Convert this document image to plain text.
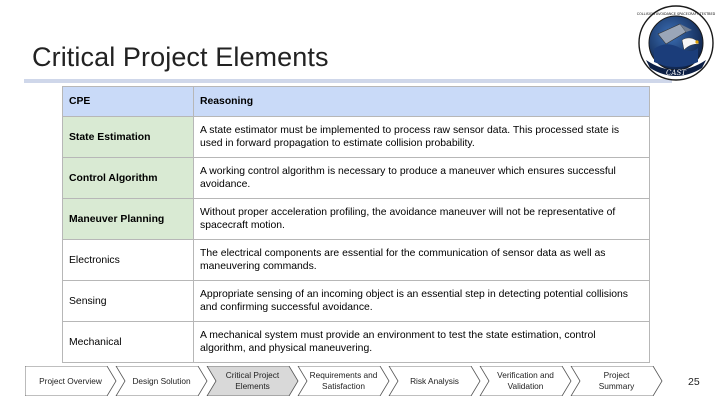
Critical Project Elements
COLLISION AVOIDANCE SPACECRAFT TESTBED
CAST
CPE	Reasoning
State Estimation	A state estimator must be implemented to process raw sensor data. This processed state is used in forward propagation to estimate collision probability.
Control Algorithm	A working control algorithm is necessary to produce a maneuver which ensures successful avoidance.
Maneuver Planning	Without proper acceleration profiling, the avoidance maneuver will not be representative of spacecraft motion.
Electronics	The electrical components are essential for the communication of sensor data as well as maneuvering commands.
Sensing	Appropriate sensing of an incoming object is an essential step in detecting potential collisions and confirming successful avoidance.
Mechanical	A mechanical system must provide an environment to test the state estimation, control algorithm, and physical maneuvering.
Project Overview	Design Solution
Critical Project
Elements
Requirements and
Satisfaction
Risk Analysis
Verification and
Validation
Project
Summary	25
